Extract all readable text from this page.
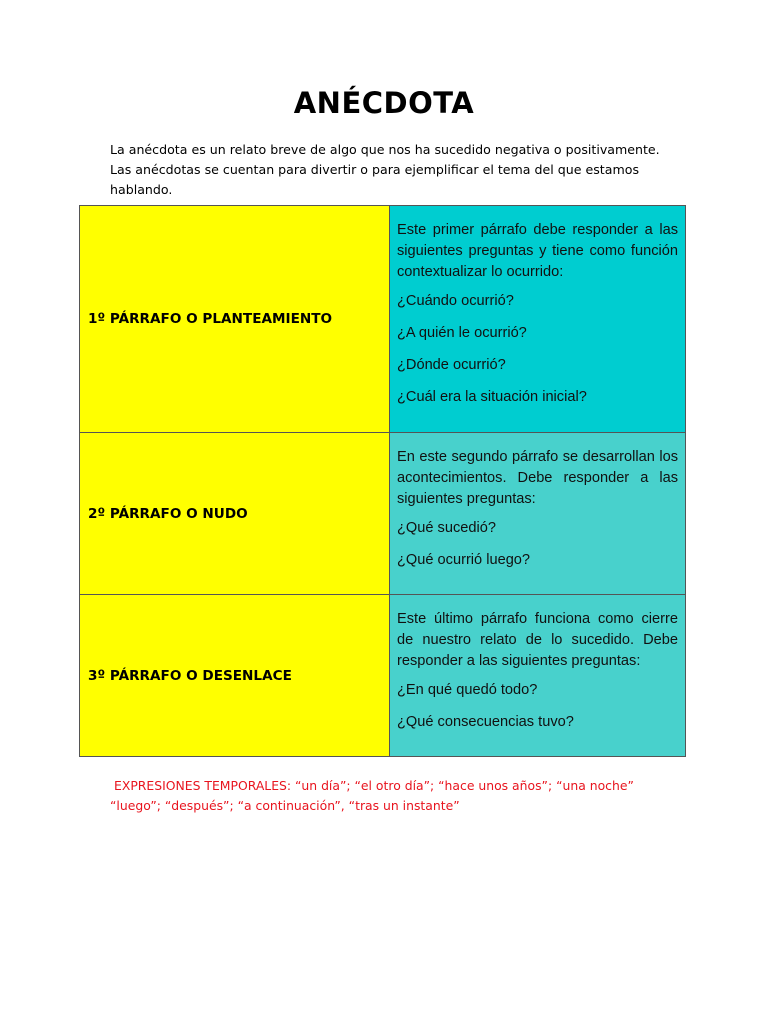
ANÉCDOTA

La anécdota es un relato breve de algo que nos ha sucedido negativa o positivamente.
Las anécdotas se cuentan para divertir o para ejemplificar el tema del que estamos
hablando.

1º PÁRRAFO O PLANTEAMIENTO	Este primer párrafo debe responder a las siguientes preguntas y tiene como función contextualizar lo ocurrido:

¿Cuándo ocurrió?

¿A quién le ocurrió?

¿Dónde ocurrió?

¿Cuál era la situación inicial?

2º PÁRRAFO O NUDO	En este segundo párrafo se desarrollan los acontecimientos. Debe responder a las siguientes preguntas:

¿Qué sucedió?

¿Qué ocurrió luego?

3º PÁRRAFO O DESENLACE	Este último párrafo funciona como cierre de nuestro relato de lo sucedido. Debe responder a las siguientes preguntas:

¿En qué quedó todo?

¿Qué consecuencias tuvo?

EXPRESIONES TEMPORALES: “un día”; “el otro día”; “hace unos años”; “una noche”
“luego”; “después”; “a continuación”, “tras un instante”
